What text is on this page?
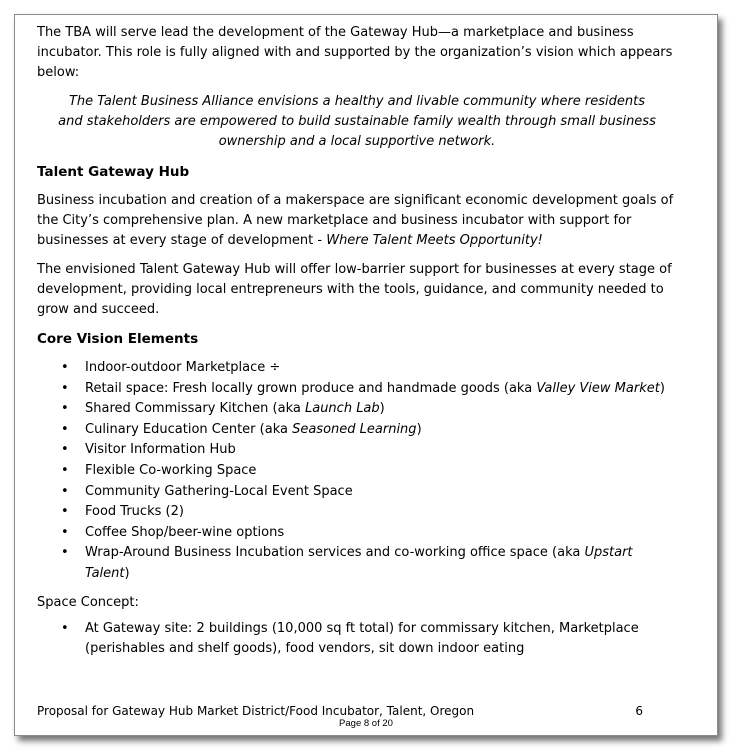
The TBA will serve lead the development of the Gateway Hub—a marketplace and business incubator. This role is fully aligned with and supported by the organization’s vision which appears below:

The Talent Business Alliance envisions a healthy and livable community where residents and stakeholders are empowered to build sustainable family wealth through small business ownership and a local supportive network.

Talent Gateway Hub

Business incubation and creation of a makerspace are significant economic development goals of the City’s comprehensive plan. A new marketplace and business incubator with support for businesses at every stage of development - Where Talent Meets Opportunity!

The envisioned Talent Gateway Hub will offer low-barrier support for businesses at every stage of development, providing local entrepreneurs with the tools, guidance, and community needed to grow and succeed.

Core Vision Elements
• Indoor-outdoor Marketplace ÷
• Retail space: Fresh locally grown produce and handmade goods (aka Valley View Market)
• Shared Commissary Kitchen (aka Launch Lab)
• Culinary Education Center (aka Seasoned Learning)
• Visitor Information Hub
• Flexible Co-working Space
• Community Gathering-Local Event Space
• Food Trucks (2)
• Coffee Shop/beer-wine options
• Wrap-Around Business Incubation services and co-working office space (aka Upstart Talent)

Space Concept:

• At Gateway site: 2 buildings (10,000 sq ft total) for commissary kitchen, Marketplace (perishables and shelf goods), food vendors, sit down indoor eating
Proposal for Gateway Hub Market District/Food Incubator, Talent, Oregon	6
Page 8 of 20
